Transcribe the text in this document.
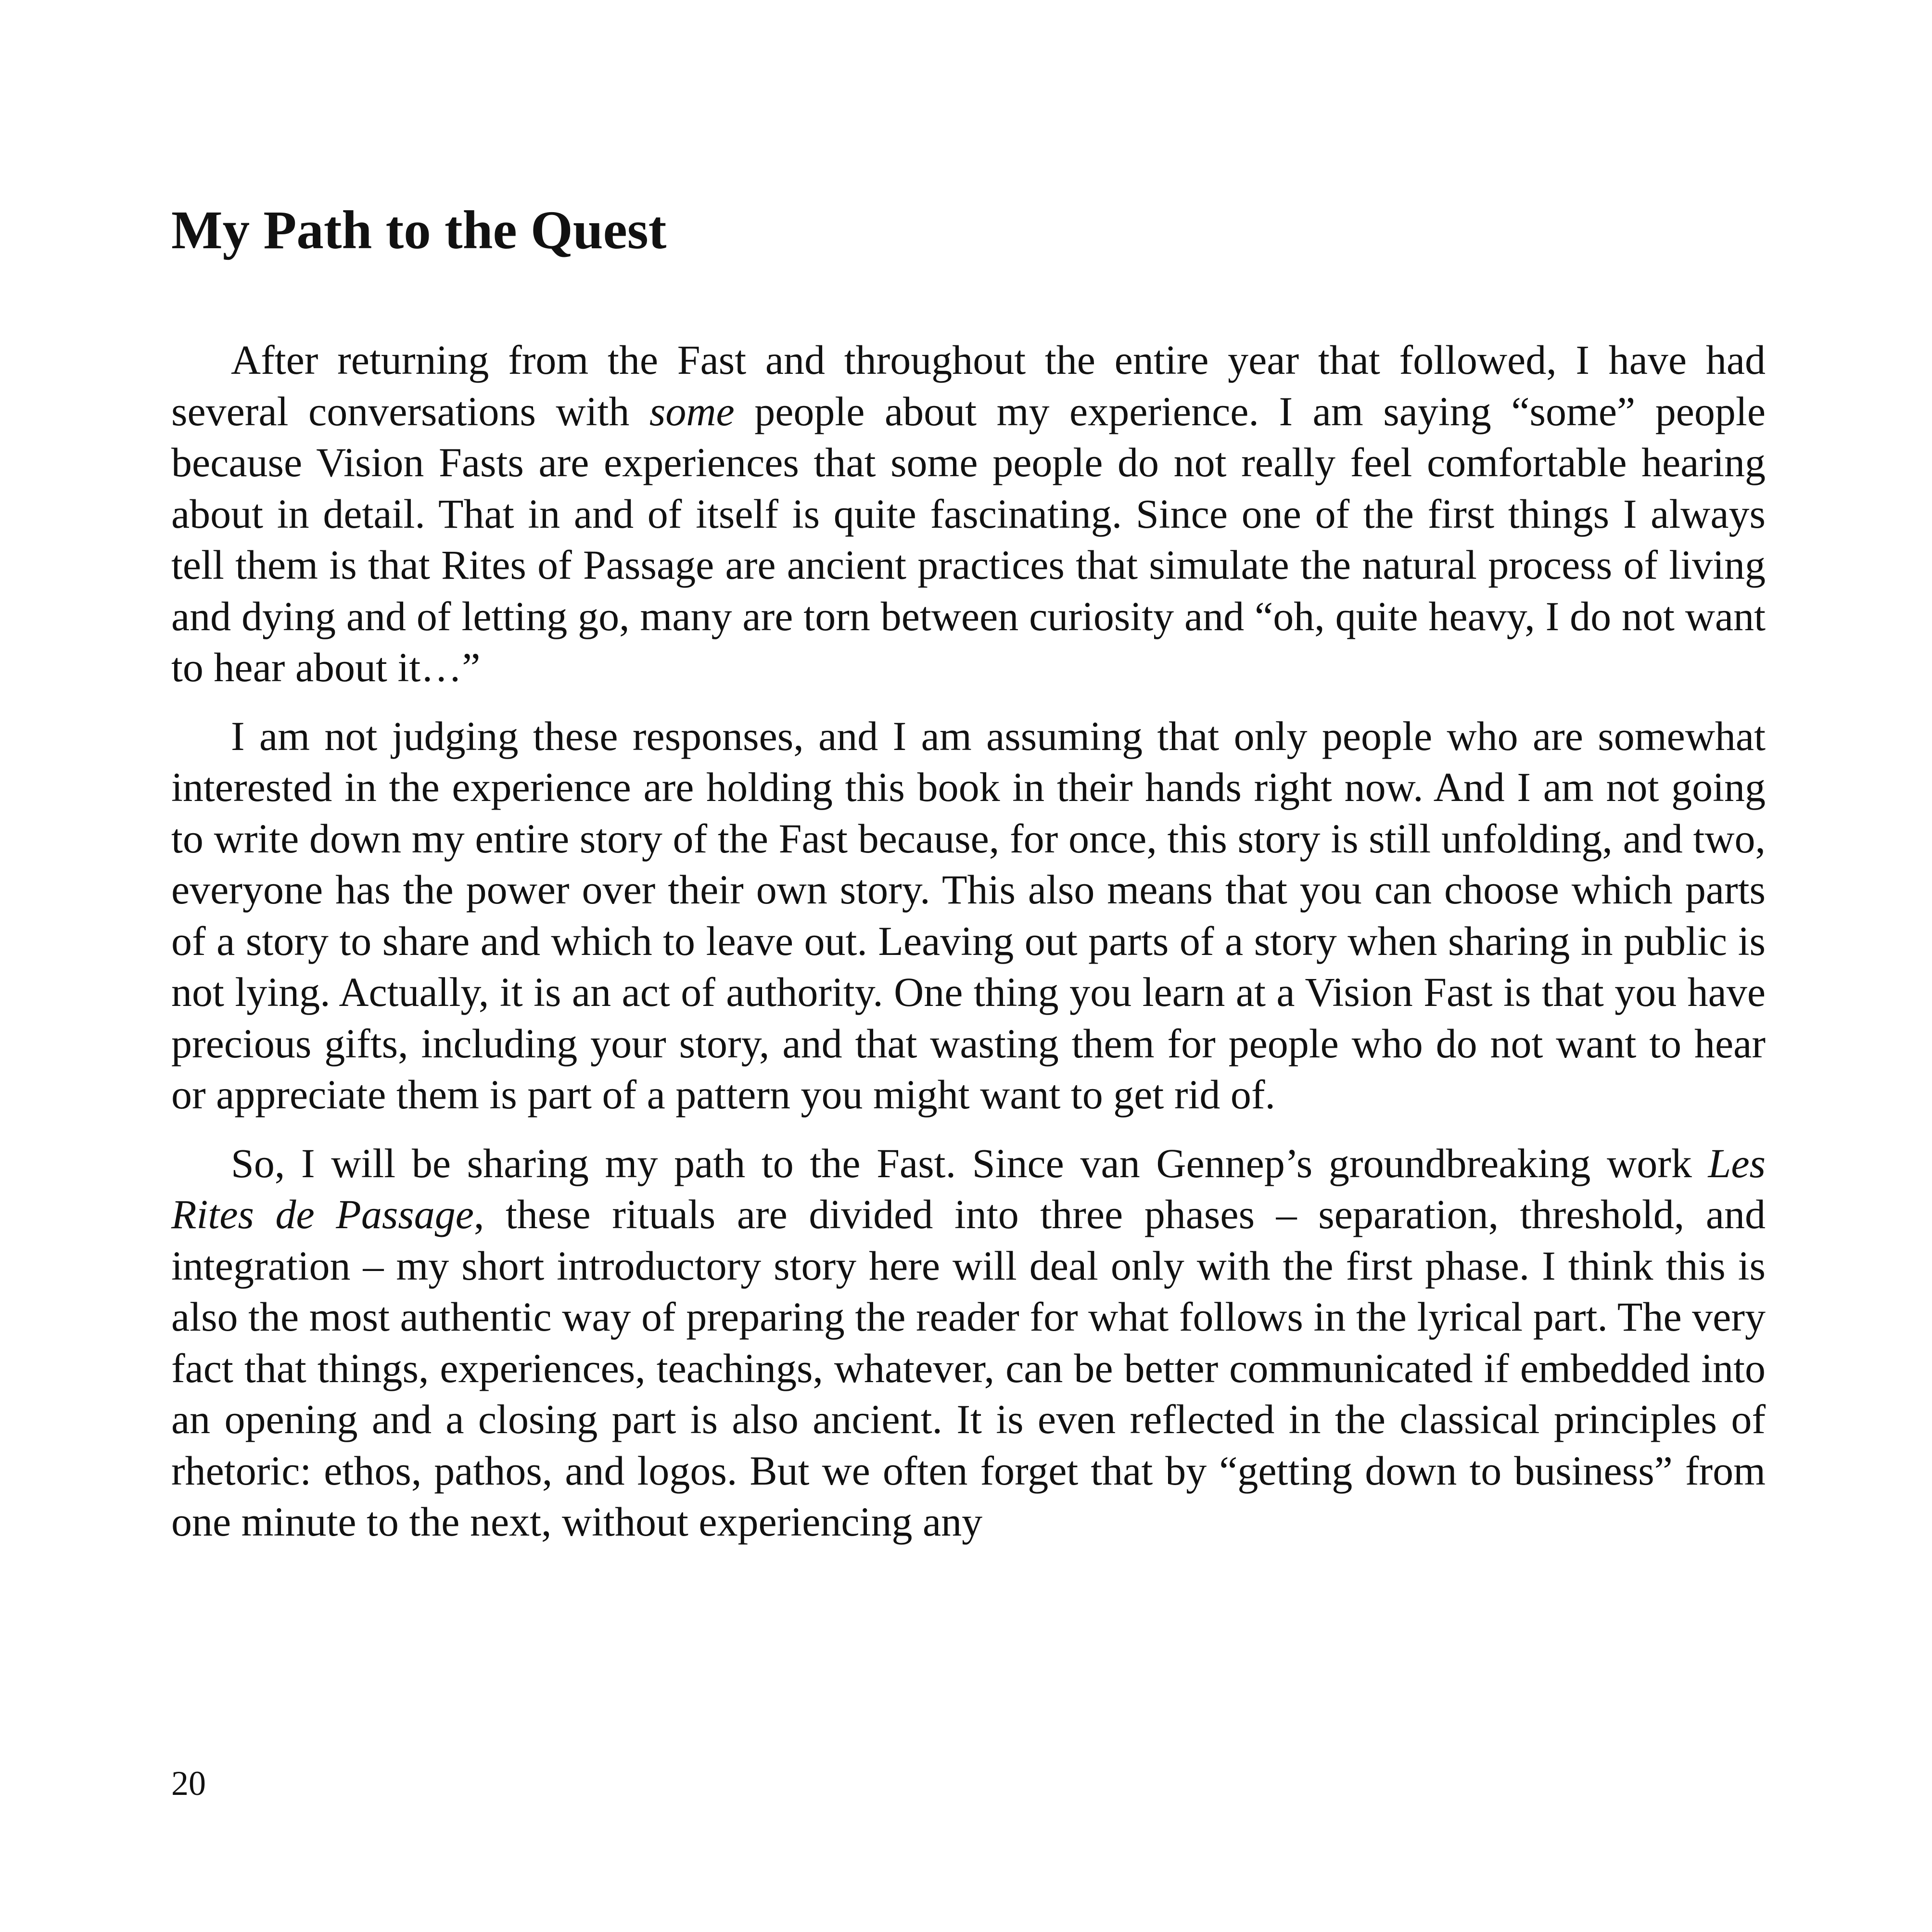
My Path to the Quest

After returning from the Fast and throughout the entire year that followed, I have had several conversations with some people about my experience. I am saying “some” people because Vision Fasts are experiences that some people do not really feel comfortable hearing about in detail. That in and of itself is quite fascinating. Since one of the first things I always tell them is that Rites of Passage are ancient practices that simulate the natural process of living and dying and of letting go, many are torn between curiosity and “oh, quite heavy, I do not want to hear about it…”

I am not judging these responses, and I am assuming that only people who are somewhat interested in the experience are holding this book in their hands right now. And I am not going to write down my entire story of the Fast because, for once, this story is still unfolding, and two, everyone has the power over their own story. This also means that you can choose which parts of a story to share and which to leave out. Leaving out parts of a story when sharing in public is not lying. Actually, it is an act of authority. One thing you learn at a Vision Fast is that you have precious gifts, including your story, and that wasting them for people who do not want to hear or appreciate them is part of a pattern you might want to get rid of.

So, I will be sharing my path to the Fast. Since van Gennep’s groundbreaking work Les Rites de Passage, these rituals are divided into three phases – separation, threshold, and integration – my short introductory story here will deal only with the first phase. I think this is also the most authentic way of preparing the reader for what follows in the lyrical part. The very fact that things, experiences, teachings, whatever, can be better communicated if embedded into an opening and a closing part is also ancient. It is even reflected in the classical principles of rhetoric: ethos, pathos, and logos. But we often forget that by “getting down to business” from one minute to the next, without experiencing any

20
